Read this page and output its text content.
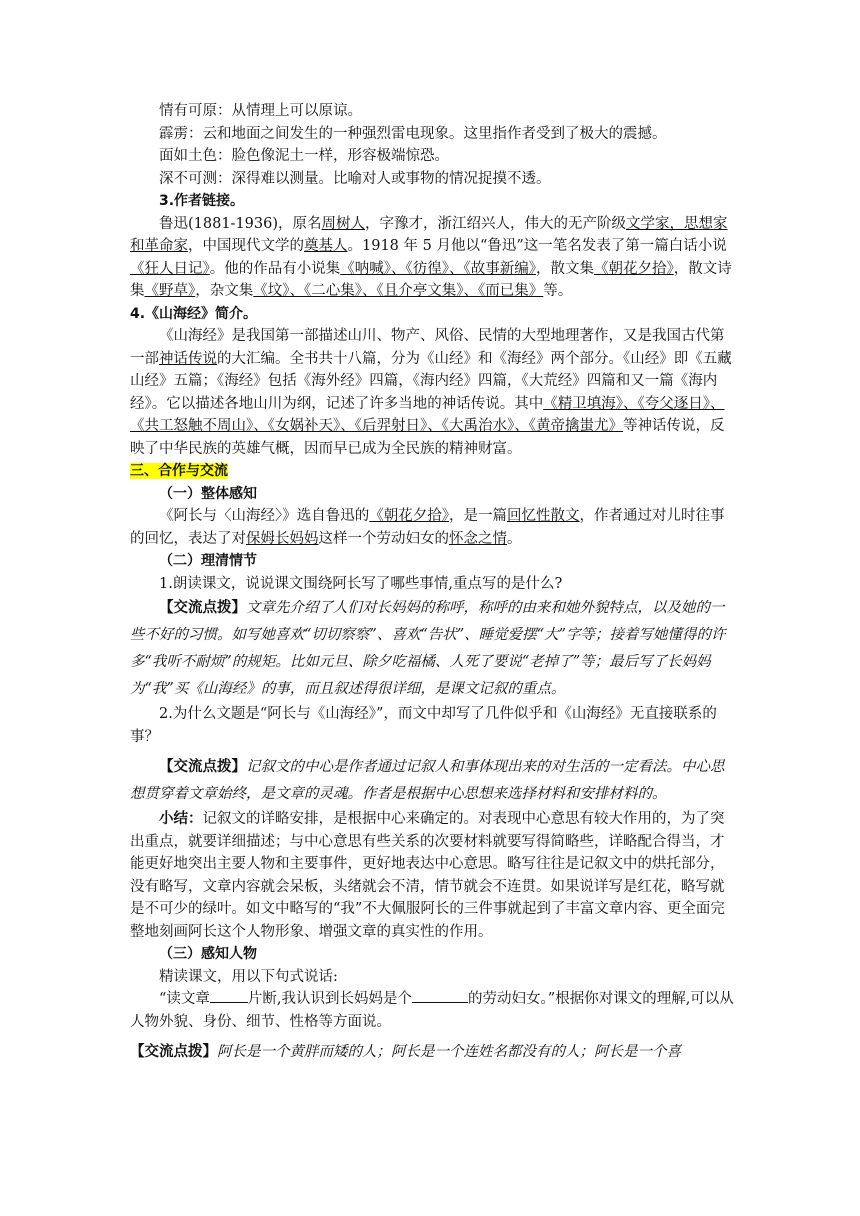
情有可原：从情理上可以原谅。

霹雳：云和地面之间发生的一种强烈雷电现象。这里指作者受到了极大的震撼。

面如土色：脸色像泥土一样，形容极端惊恐。

深不可测：深得难以测量。比喻对人或事物的情况捉摸不透。

3.作者链接。

鲁迅(1881-1936)，原名周树人，字豫才，浙江绍兴人，伟大的无产阶级文学家，思想家和革命家，中国现代文学的奠基人。1918 年 5 月他以“鲁迅”这一笔名发表了第一篇白话小说《狂人日记》。他的作品有小说集《呐喊》、《彷徨》、《故事新编》，散文集《朝花夕拾》，散文诗集《野草》，杂文集《坟》、《二心集》、《且介亭文集》、《而已集》等。

4.《山海经》简介。

《山海经》是我国第一部描述山川、物产、风俗、民情的大型地理著作，又是我国古代第一部神话传说的大汇编。全书共十八篇，分为《山经》和《海经》两个部分。《山经》即《五藏山经》五篇；《海经》包括《海外经》四篇，《海内经》四篇，《大荒经》四篇和又一篇《海内经》。它以描述各地山川为纲，记述了许多当地的神话传说。其中《精卫填海》、《夸父逐日》、《共工怒触不周山》、《女娲补天》、《后羿射日》、《大禹治水》、《黄帝擒蚩尤》等神话传说，反映了中华民族的英雄气概，因而早已成为全民族的精神财富。

三、合作与交流

（一）整体感知

《阿长与〈山海经〉》选自鲁迅的《朝花夕拾》，是一篇回忆性散文，作者通过对儿时往事的回忆，表达了对保姆长妈妈这样一个劳动妇女的怀念之情。

（二）理清情节

1.朗读课文，说说课文围绕阿长写了哪些事情,重点写的是什么?

【交流点拨】文章先介绍了人们对长妈妈的称呼，称呼的由来和她外貌特点，以及她的一些不好的习惯。如写她喜欢“切切察察”、喜欢“告状”、睡觉爱摆“大”字等；接着写她懂得的许多“我听不耐烦”的规矩。比如元旦、除夕吃福橘、人死了要说“老掉了”等；最后写了长妈妈为“我”买《山海经》的事，而且叙述得很详细，是课文记叙的重点。

2.为什么文题是“阿长与《山海经》”，而文中却写了几件似乎和《山海经》无直接联系的事？

【交流点拨】记叙文的中心是作者通过记叙人和事体现出来的对生活的一定看法。中心思想贯穿着文章始终，是文章的灵魂。作者是根据中心思想来选择材料和安排材料的。

小结：记叙文的详略安排，是根据中心来确定的。对表现中心意思有较大作用的，为了突出重点，就要详细描述；与中心意思有些关系的次要材料就要写得简略些，详略配合得当，才能更好地突出主要人物和主要事件，更好地表达中心意思。略写往往是记叙文中的烘托部分，没有略写，文章内容就会呆板，头绪就会不清，情节就会不连贯。如果说详写是红花，略写就是不可少的绿叶。如文中略写的“我”不大佩服阿长的三件事就起到了丰富文章内容、更全面完整地刻画阿长这个人物形象、增强文章的真实性的作用。

（三）感知人物

精读课文，用以下句式说话:

“读文章	片断,我认识到长妈妈是个	的劳动妇女。”根据你对课文的理解,可以从人物外貌、身份、细节、性格等方面说。

【交流点拨】阿长是一个黄胖而矮的人；阿长是一个连姓名都没有的人；阿长是一个喜
